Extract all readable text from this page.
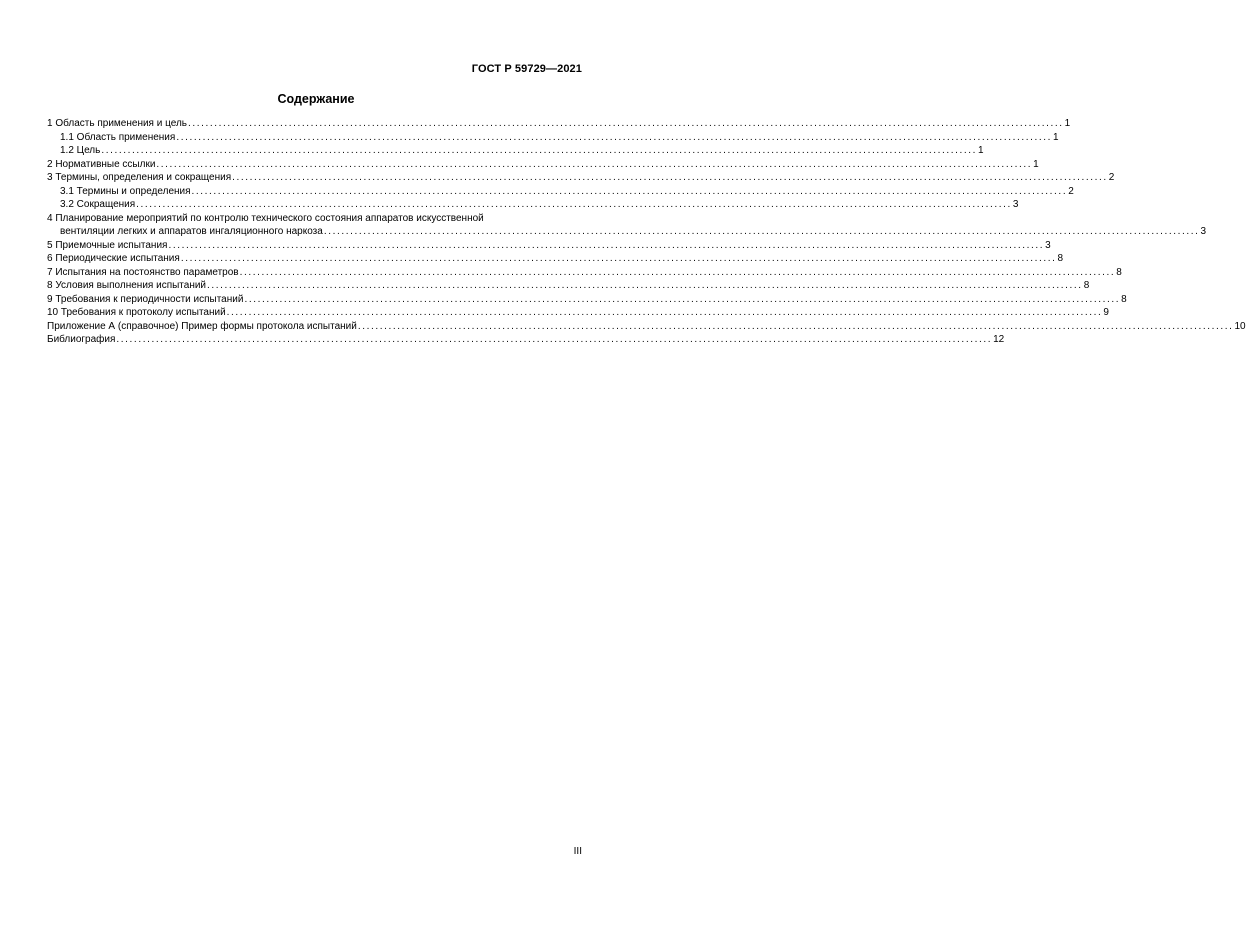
ГОСТ Р 59729—2021
Содержание
1 Область применения и цель ........................................................................................................................................................................................................ 1
1.1 Область применения ........................................................................................................................................................................................................ 1
1.2 Цель ........................................................................................................................................................................................................ 1
2 Нормативные ссылки ........................................................................................................................................................................................................ 1
3 Термины, определения и сокращения ........................................................................................................................................................................................................ 2
3.1 Термины и определения ........................................................................................................................................................................................................ 2
3.2 Сокращения ........................................................................................................................................................................................................ 3
4 Планирование мероприятий по контролю технического состояния аппаратов искусственной
вентиляции легких и аппаратов ингаляционного наркоза ........................................................................................................................................................................................................ 3
5 Приемочные испытания ........................................................................................................................................................................................................ 3
6 Периодические испытания ........................................................................................................................................................................................................ 8
7 Испытания на постоянство параметров ........................................................................................................................................................................................................ 8
8 Условия выполнения испытаний ........................................................................................................................................................................................................ 8
9 Требования к периодичности испытаний ........................................................................................................................................................................................................ 8
10 Требования к протоколу испытаний ........................................................................................................................................................................................................ 9
Приложение А (справочное) Пример формы протокола испытаний ........................................................................................................................................................................................................ 10
Библиография ........................................................................................................................................................................................................ 12
III
